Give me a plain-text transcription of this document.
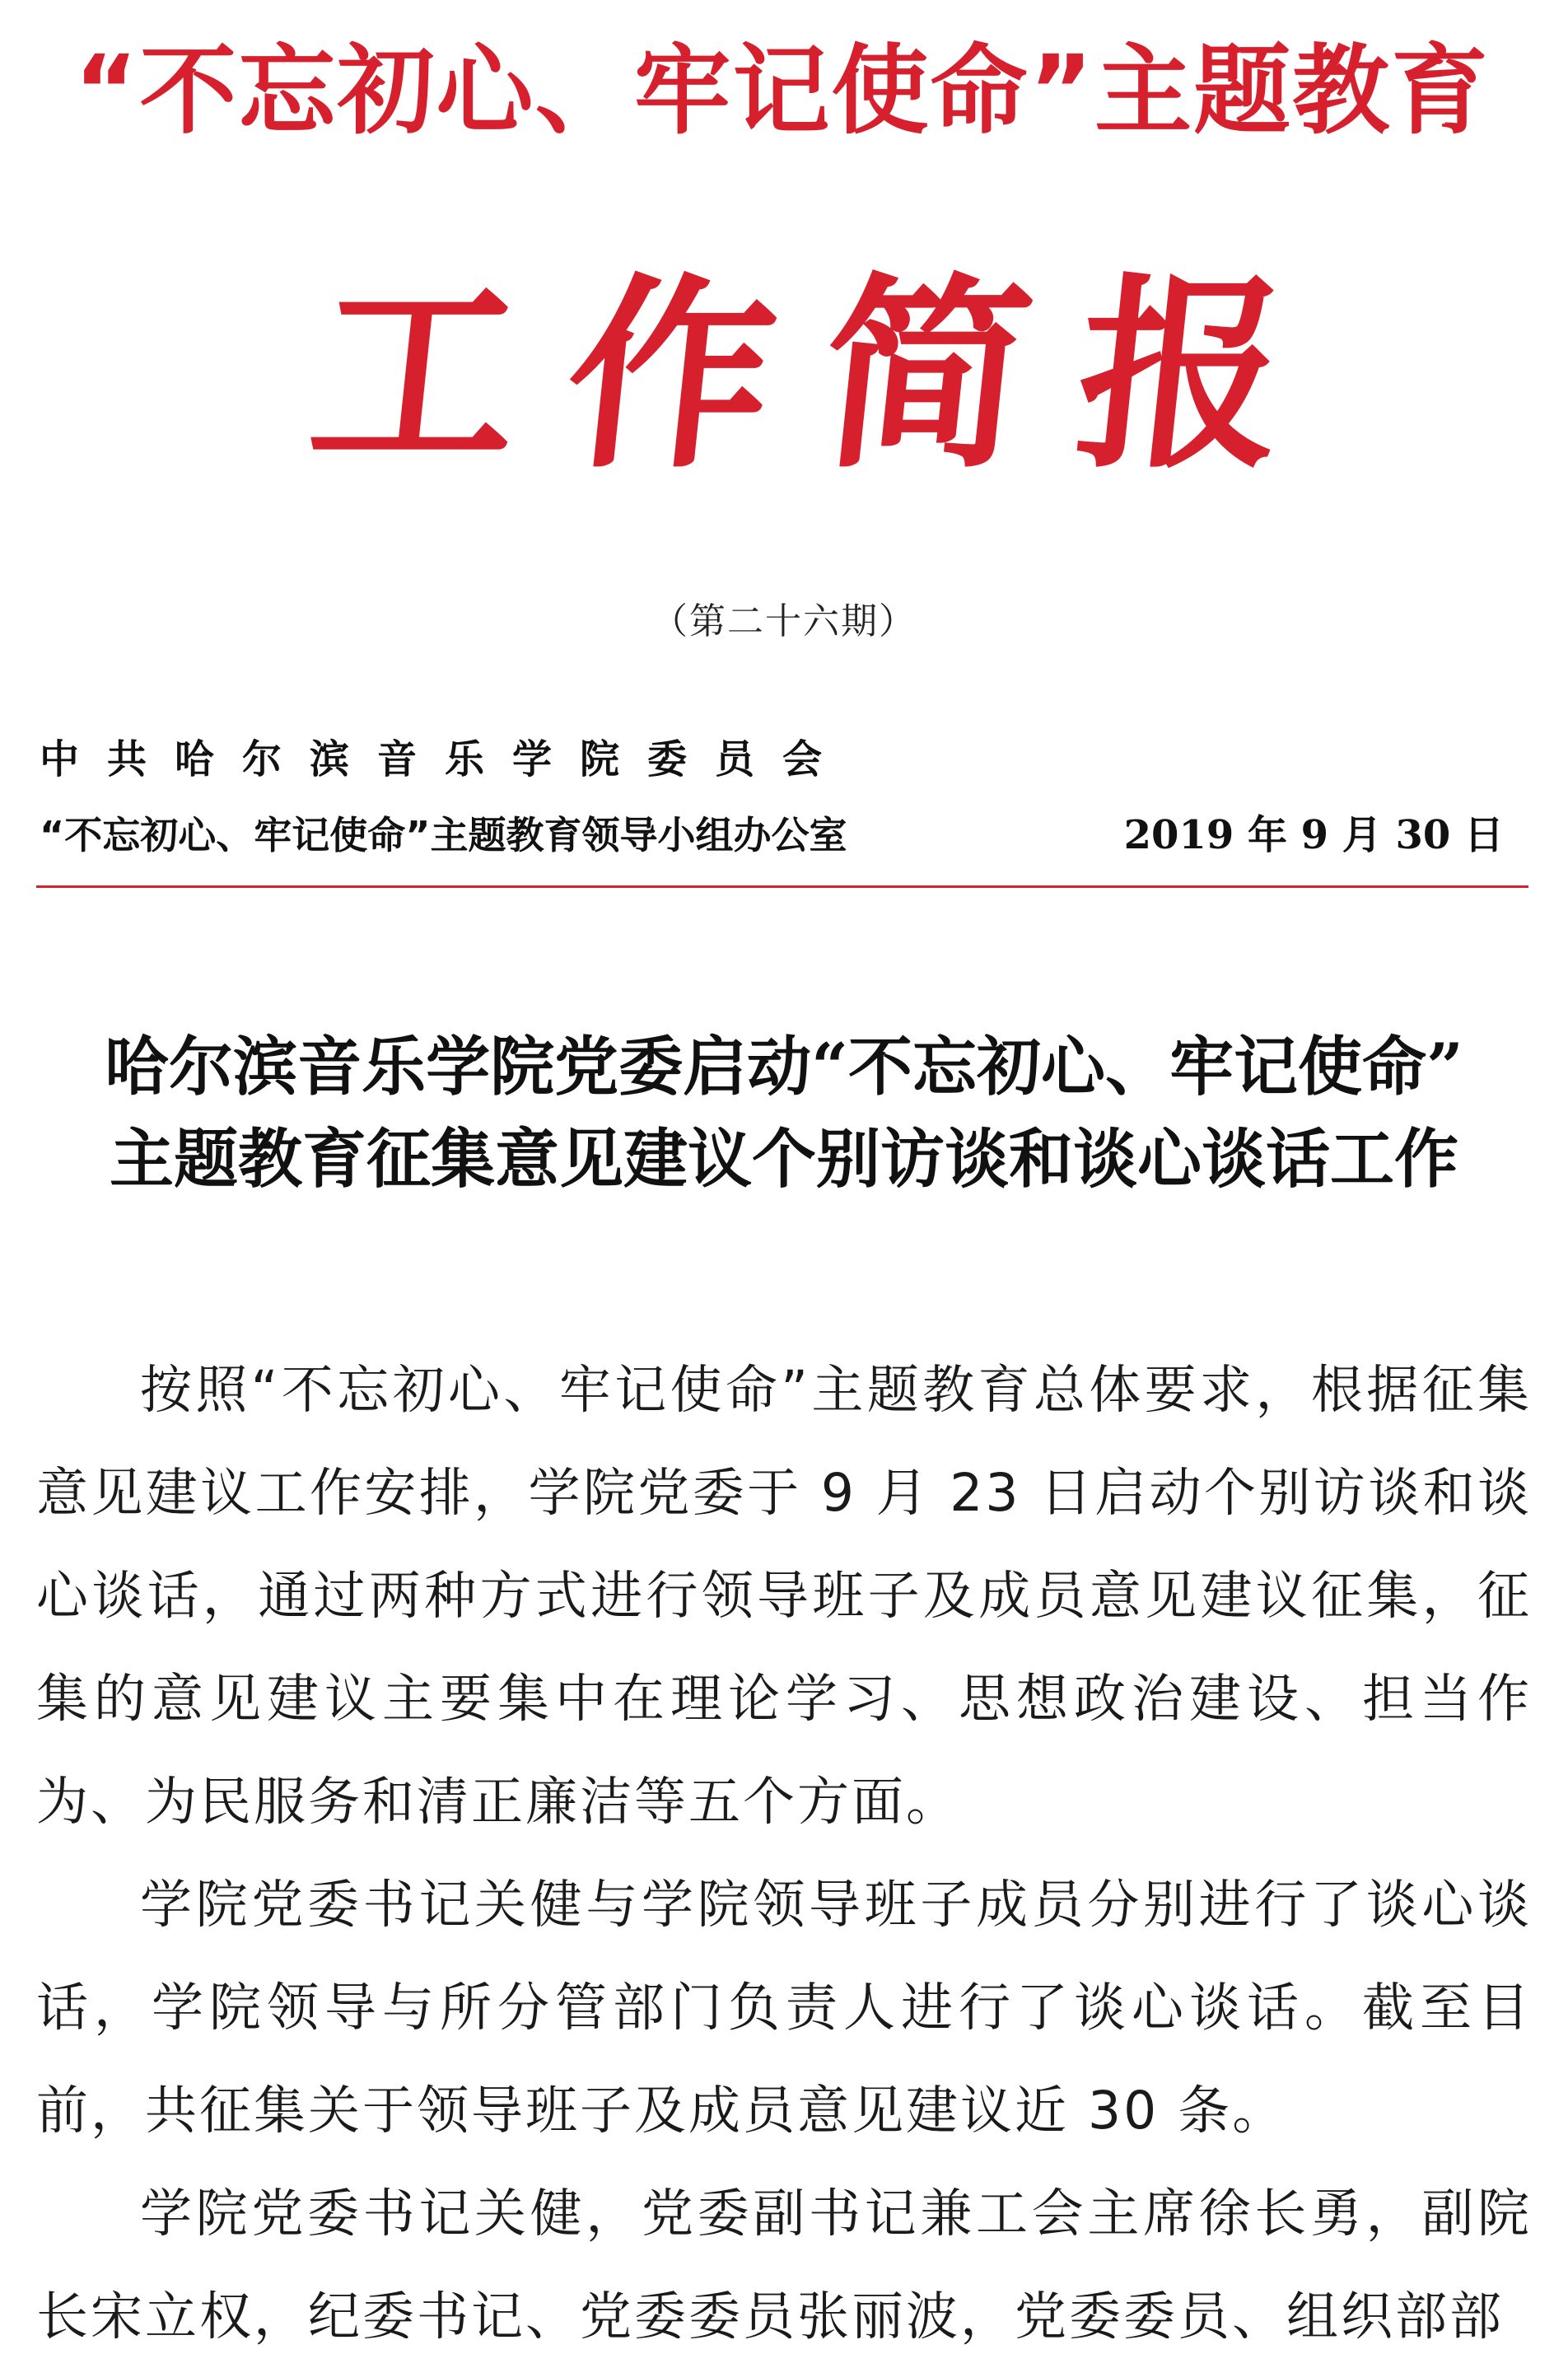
“不忘初心、牢记使命”主题教育
工 作 简 报
（第二十六期）
中共哈尔滨音乐学院委员会
“不忘初心、牢记使命”主题教育领导小组办公室	2019 年 9 月 30 日
哈尔滨音乐学院党委启动“不忘初心、牢记使命”
主题教育征集意见建议个别访谈和谈心谈话工作

按照“不忘初心、牢记使命”主题教育总体要求，根据征集意见建议工作安排，学院党委于 9 月 23 日启动个别访谈和谈心谈话，通过两种方式进行领导班子及成员意见建议征集，征集的意见建议主要集中在理论学习、思想政治建设、担当作为、为民服务和清正廉洁等五个方面。

学院党委书记关健与学院领导班子成员分别进行了谈心谈话，学院领导与所分管部门负责人进行了谈心谈话。截至目前，共征集关于领导班子及成员意见建议近 30 条。

学院党委书记关健，党委副书记兼工会主席徐长勇，副院长宋立权，纪委书记、党委委员张丽波，党委委员、组织部部
